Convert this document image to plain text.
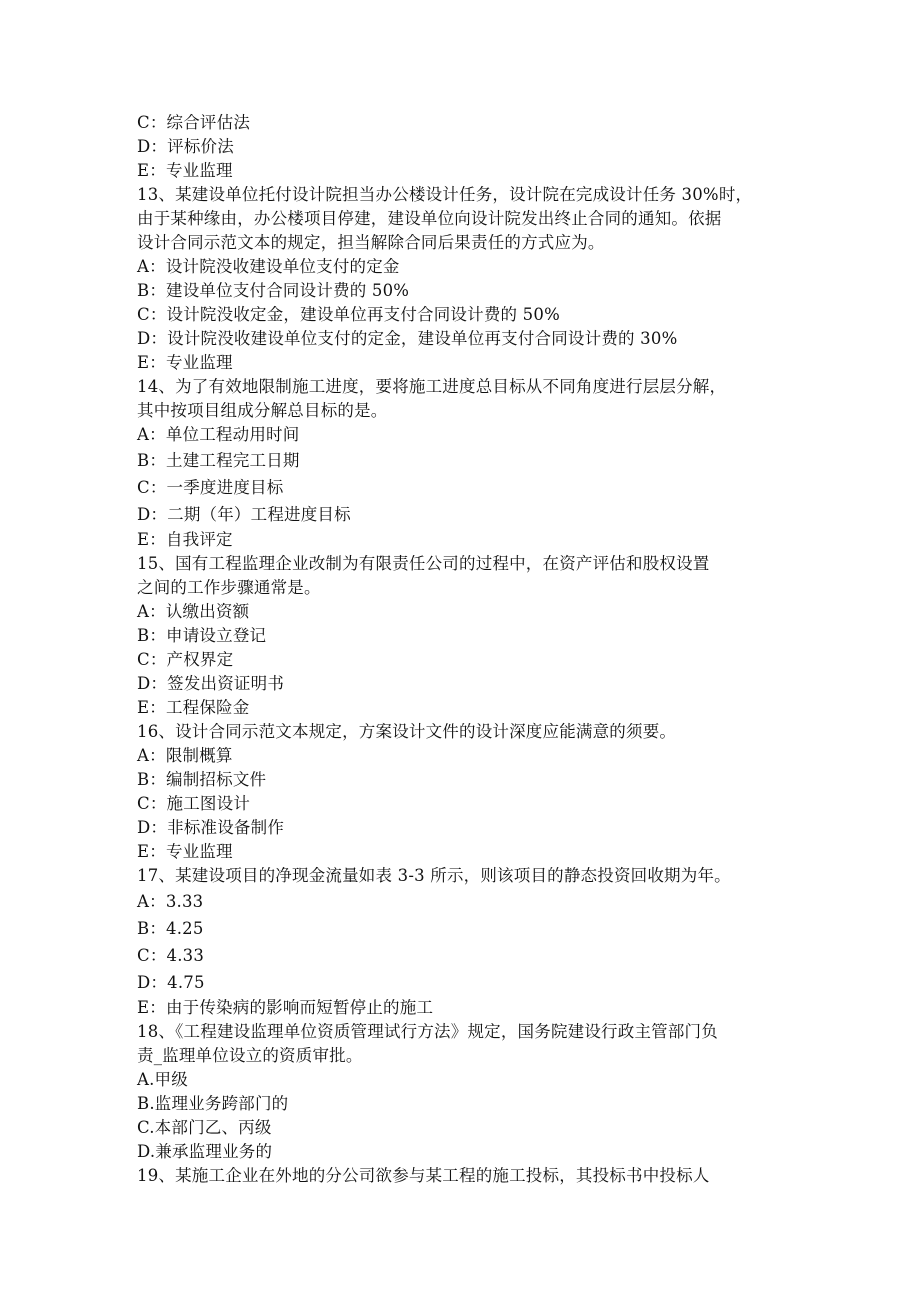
C：综合评估法
D：评标价法
E：专业监理
13、某建设单位托付设计院担当办公楼设计任务，设计院在完成设计任务 30%时，
由于某种缘由，办公楼项目停建，建设单位向设计院发出终止合同的通知。依据
设计合同示范文本的规定，担当解除合同后果责任的方式应为。
A：设计院没收建设单位支付的定金
B：建设单位支付合同设计费的 50%
C：设计院没收定金，建设单位再支付合同设计费的 50%
D：设计院没收建设单位支付的定金，建设单位再支付合同设计费的 30%
E：专业监理
14、为了有效地限制施工进度，要将施工进度总目标从不同角度进行层层分解，
其中按项目组成分解总目标的是。
A：单位工程动用时间
B：土建工程完工日期
C：一季度进度目标
D：二期（年）工程进度目标
E：自我评定
15、国有工程监理企业改制为有限责任公司的过程中，在资产评估和股权设置
之间的工作步骤通常是。
A：认缴出资额
B：申请设立登记
C：产权界定
D：签发出资证明书
E：工程保险金
16、设计合同示范文本规定，方案设计文件的设计深度应能满意的须要。
A：限制概算
B：编制招标文件
C：施工图设计
D：非标准设备制作
E：专业监理
17、某建设项目的净现金流量如表 3-3 所示，则该项目的静态投资回收期为年。
A：3.33
B：4.25
C：4.33
D：4.75
E：由于传染病的影响而短暂停止的施工
18、《工程建设监理单位资质管理试行方法》规定，国务院建设行政主管部门负
责_监理单位设立的资质审批。
A.甲级
B.监理业务跨部门的
C.本部门乙、丙级
D.兼承监理业务的
19、某施工企业在外地的分公司欲参与某工程的施工投标，其投标书中投标人
